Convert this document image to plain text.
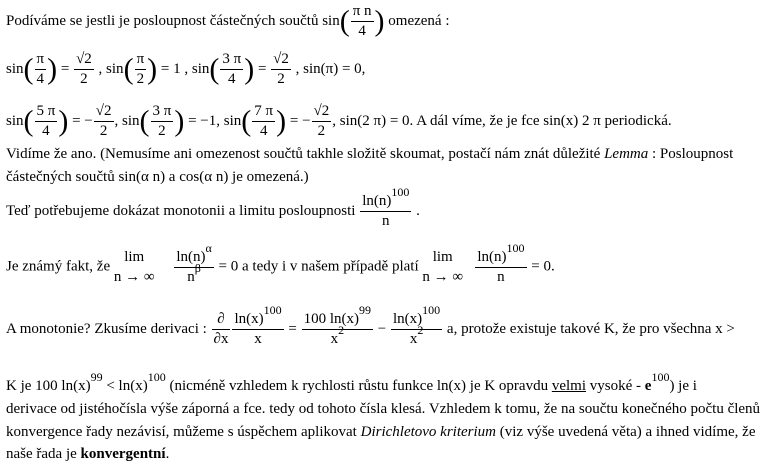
Podíváme se jestli je posloupnost částečných součtů $\sin( \frac{\text{π n}}{4}$ ) omezená :
$\sin( \frac{\pi}{4}$ ) = $\frac{√2}{2}$ , $\sin( \frac{\pi}{2}$ ) = 1 , $\sin( \frac{3 \pi}{4}$ ) = $\frac{√2}{2}$ , sin(π) = 0,
$\sin( \frac{5 \pi}{4}$ ) = − $\frac{√2}{2}$ , $\sin( \frac{3 \pi}{2}$ ) = −1, $\sin( \frac{7 \pi}{4}$ ) = − $\frac{√2}{2}$ , sin(2 π) = 0. A dál víme, že je fce sin(x) 2 π periodická.
Vidíme že ano. (Nemusíme ani omezenost součtů takhle složitě skoumat, postačí nám znát důležité Lemma : Posloupnost
částečných součtů sin(α n) a cos(α n) je omezená.)
Teď potřebujeme dokázat monotonii a limitu posloupnosti $\frac{\ln(n)^{100}}{n}$ .
Je známý fakt, že
lim
n → ∞
$\frac{\ln(n)^\alpha}{n^\beta} = 0$ a tedy i v našem případě platí
lim
n → ∞
$\frac{\ln(n)^{100}}{n} = 0$.
A monotonie? Zkusíme derivaci : $\frac{\partial}{\partial x} \frac{\ln(x)^{100}}{x} = \frac{100 \ln(x)^{99}}{x^2} - \frac{\ln(x)^{100}}{x^2} a$, protože existuje takové K, že pro všechna x >
K je 100 $\ln(x)^{99} < \ln(x)^{100}$ (nicméně vzhledem k rychlosti růstu funkce ln(x) je K opravdu velmi vysoké - $e^{100}$) je i
derivace od jistéhočísla výše záporná a fce. tedy od tohoto čísla klesá. Vzhledem k tomu, že na součtu konečného počtu členů
konvergence řady nezávisí, můžeme s úspěchem aplikovat Dirichletovo kriterium (viz výše uvedená věta) a ihned vidíme, že
naše řada je konvergentní.
